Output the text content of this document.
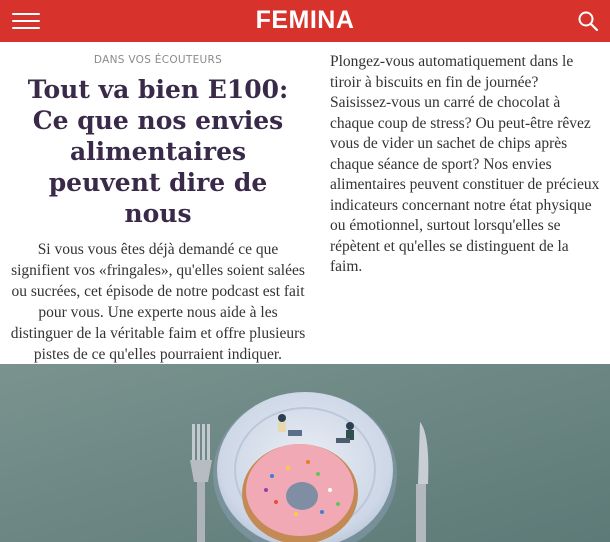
FEMINA
DANS VOS ÉCOUTEURS
Tout va bien E100: Ce que nos envies alimentaires peuvent dire de nous

Si vous vous êtes déjà demandé ce que signifient vos «fringales», qu'elles soient salées ou sucrées, cet épisode de notre podcast est fait pour vous. Une experte nous aide à les distinguer de la véritable faim et offre plusieurs pistes de ce qu'elles pourraient indiquer.

Plongez-vous automatiquement dans le tiroir à biscuits en fin de journée? Saisissez-vous un carré de chocolat à chaque coup de stress? Ou peut-être rêvez vous de vider un sachet de chips après chaque séance de sport? Nos envies alimentaires peuvent constituer de précieux indicateurs concernant notre état physique ou émotionnel, surtout lorsqu'elles se répètent et qu'elles se distinguent de la faim.
